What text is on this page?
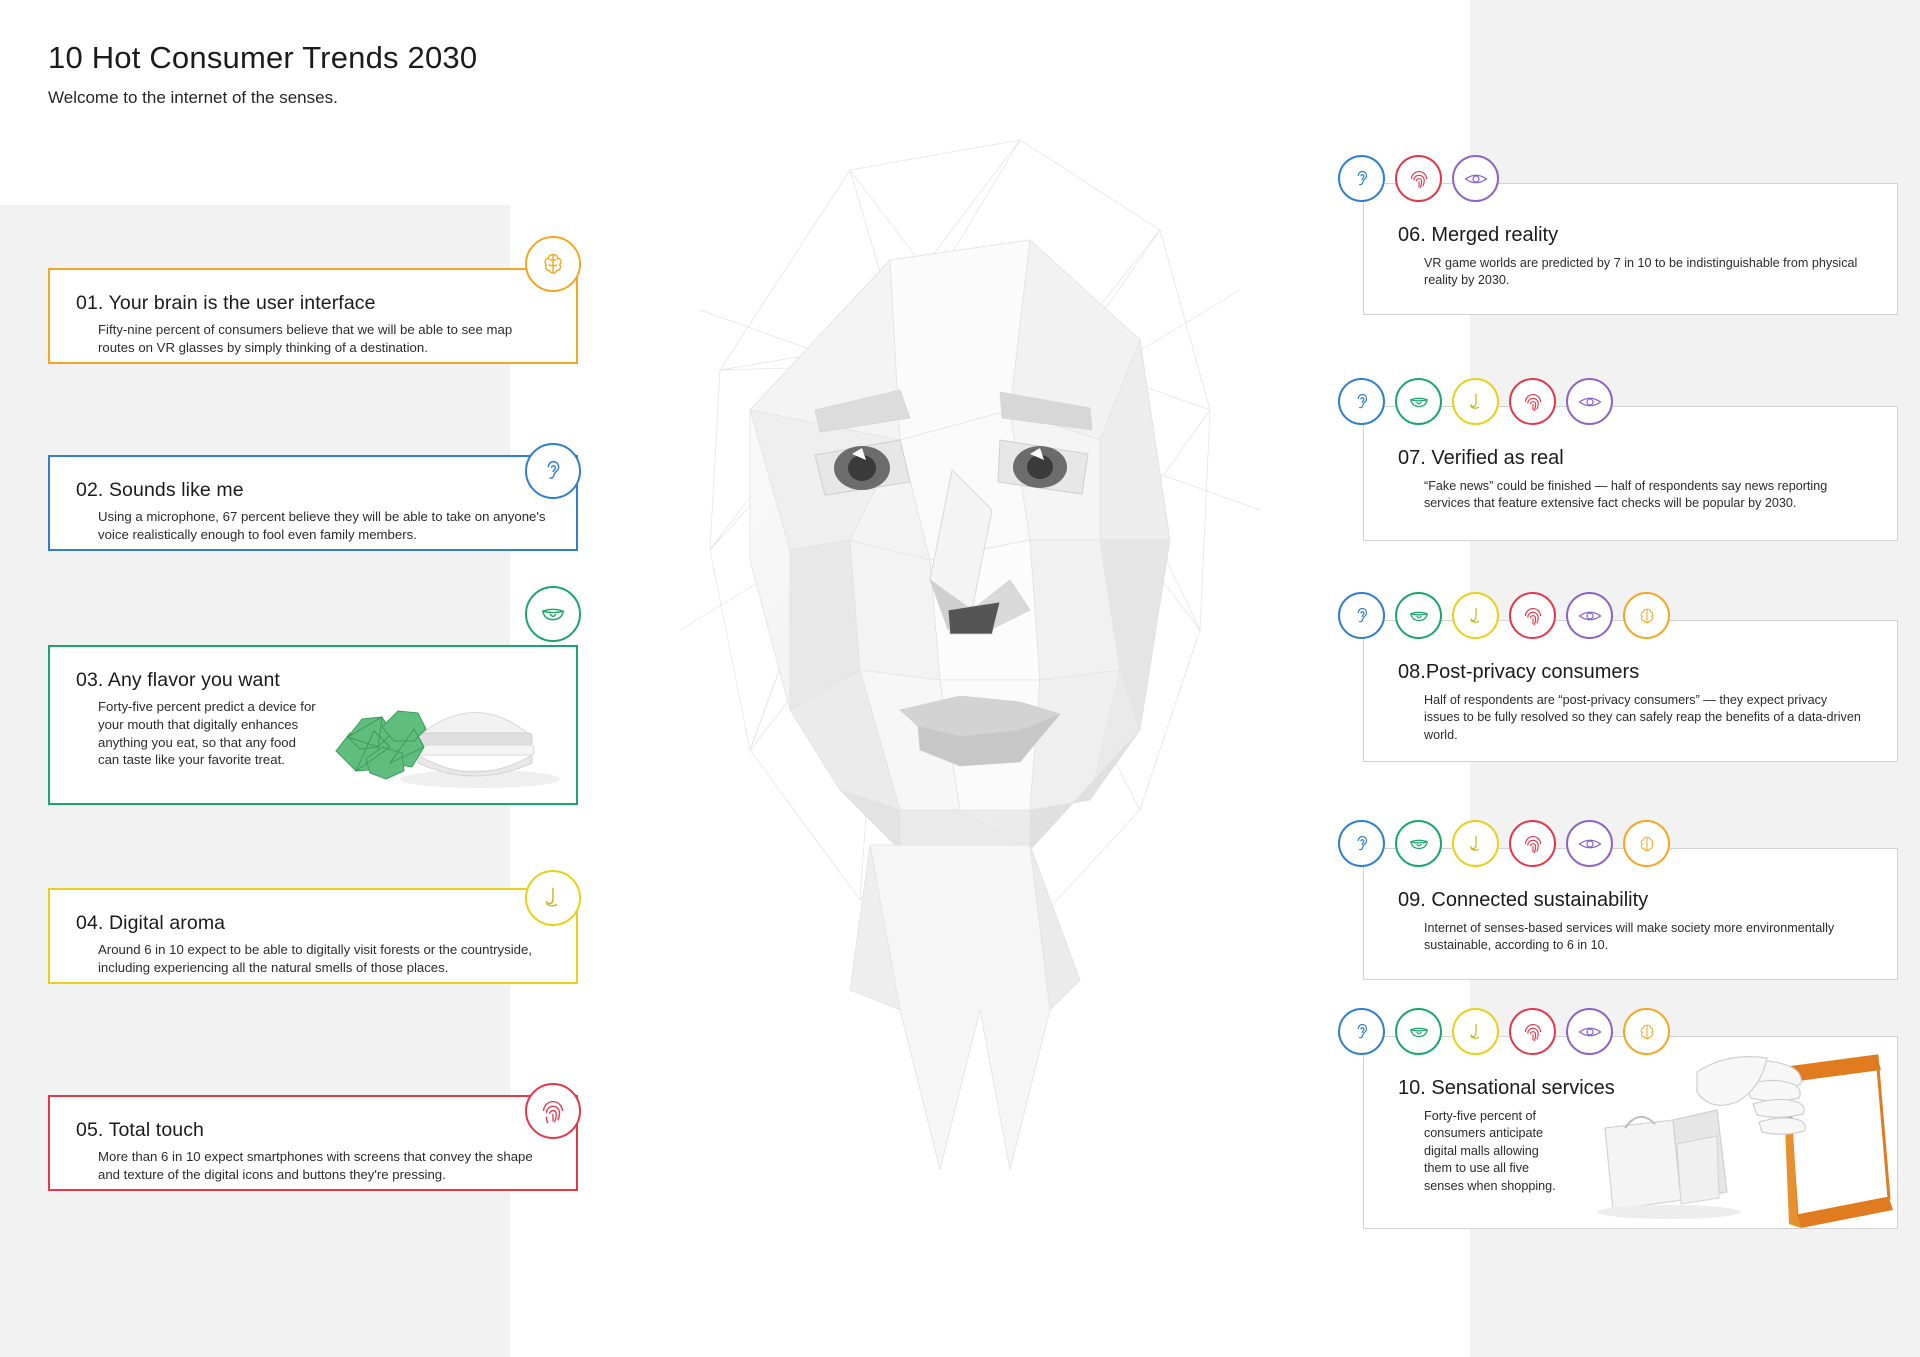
10 Hot Consumer Trends 2030

Welcome to the internet of the senses.

01. Your brain is the user interface

Fifty-nine percent of consumers believe that we will be able to see map routes on VR glasses by simply thinking of a destination.

02. Sounds like me

Using a microphone, 67 percent believe they will be able to take on anyone's voice realistically enough to fool even family members.

03. Any flavor you want

Forty-five percent predict a device for your mouth that digitally enhances anything you eat, so that any food can taste like your favorite treat.

04. Digital aroma

Around 6 in 10 expect to be able to digitally visit forests or the countryside, including experiencing all the natural smells of those places.

05. Total touch

More than 6 in 10 expect smartphones with screens that convey the shape and texture of the digital icons and buttons they're pressing.

06. Merged reality

VR game worlds are predicted by 7 in 10 to be indistinguishable from physical reality by 2030.

07. Verified as real

“Fake news” could be finished — half of respondents say news reporting services that feature extensive fact checks will be popular by 2030.

08.Post-privacy consumers

Half of respondents are “post-privacy consumers” — they expect privacy issues to be fully resolved so they can safely reap the benefits of a data-driven world.

09. Connected sustainability

Internet of senses-based services will make society more environmentally sustainable, according to 6 in 10.

10. Sensational services

Forty-five percent of consumers anticipate digital malls allowing them to use all five senses when shopping.
